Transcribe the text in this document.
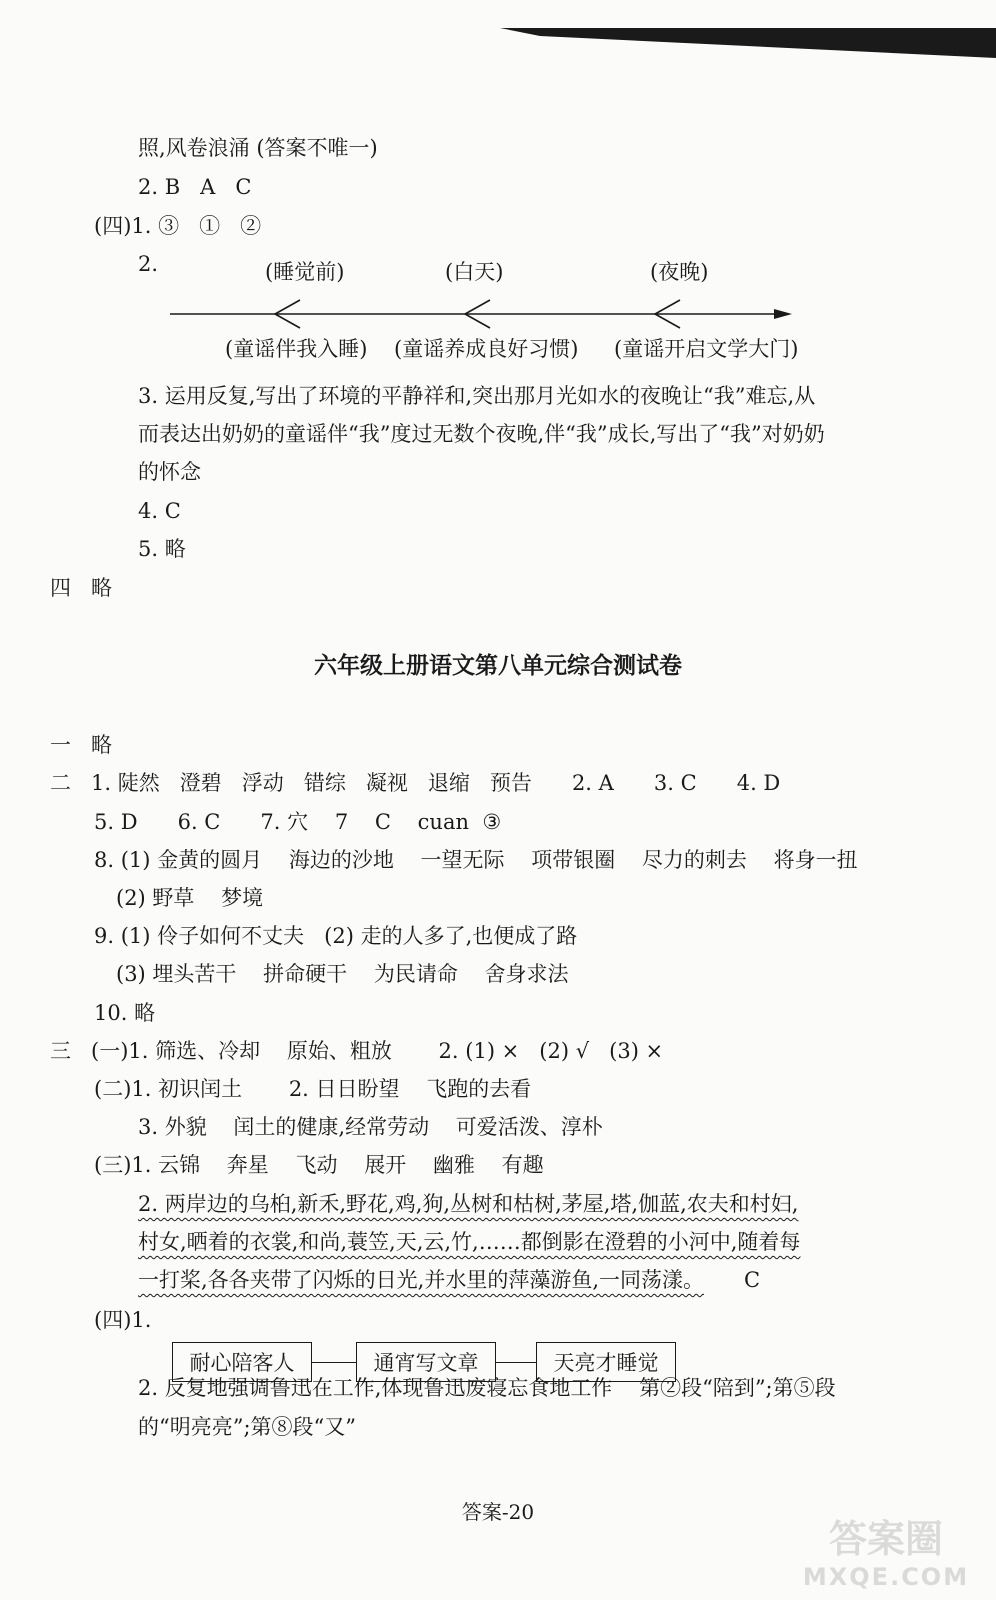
照,风卷浪涌 (答案不唯一)
2. B   A   C
(四)1. ③   ①   ②
2.	(睡觉前)	(白天)	(夜晚)
(童谣伴我入睡) (童谣养成良好习惯) (童谣开启文学大门)
3. 运用反复,写出了环境的平静祥和,突出那月光如水的夜晚让“我”难忘,从
而表达出奶奶的童谣伴“我”度过无数个夜晚,伴“我”成长,写出了“我”对奶奶
的怀念
4. C
5. 略
四   略
六年级上册语文第八单元综合测试卷
一   略
二   1. 陡然   澄碧   浮动   错综   凝视   退缩   预告      2. A      3. C      4. D
5. D      6. C      7. 穴    7    C    cuan  ③
8. (1) 金黄的圆月    海边的沙地    一望无际    项带银圈    尽力的刺去    将身一扭
(2) 野草    梦境
9. (1) 伶子如何不丈夫   (2) 走的人多了,也便成了路
(3) 埋头苦干    拼命硬干    为民请命    舍身求法
10. 略
三   (一)1. 筛选、冷却    原始、粗放       2. (1) ×   (2) √   (3) ×
(二)1. 初识闰土       2. 日日盼望    飞跑的去看
3. 外貌    闰土的健康,经常劳动    可爱活泼、淳朴
(三)1. 云锦    奔星    飞动    展开    幽雅    有趣
2. 两岸边的乌桕,新禾,野花,鸡,狗,丛树和枯树,茅屋,塔,伽蓝,农夫和村妇,
村女,晒着的衣裳,和尚,蓑笠,天,云,竹,……都倒影在澄碧的小河中,随着每
一打桨,各各夹带了闪烁的日光,并水里的萍藻游鱼,一同荡漾。 C
(四)1.
耐心陪客人	通宵写文章	天亮才睡觉
2. 反复地强调鲁迅在工作,体现鲁迅废寝忘食地工作    第②段“陪到”;第⑤段
的“明亮亮”;第⑧段“又”
答案-20
答案圈
MXQE.COM
